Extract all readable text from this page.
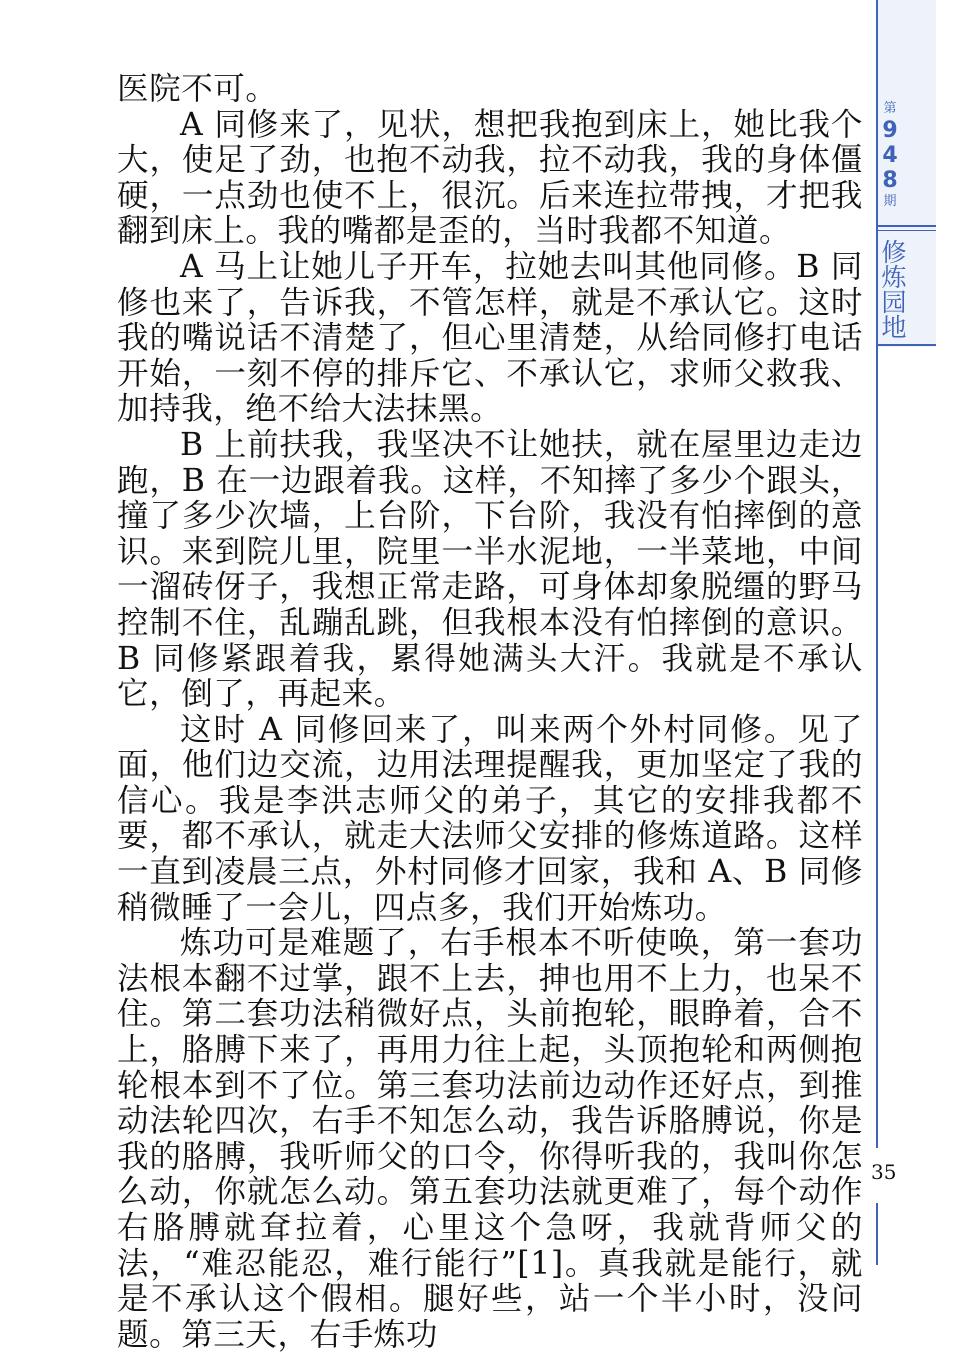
第
9
4
8
期
修
炼
园
地

医院不可。

A 同修来了，见状，想把我抱到床上，她比我个大，使足了劲，也抱不动我，拉不动我，我的身体僵硬，一点劲也使不上，很沉。后来连拉带拽，才把我翻到床上。我的嘴都是歪的，当时我都不知道。

A 马上让她儿子开车，拉她去叫其他同修。B 同修也来了，告诉我，不管怎样，就是不承认它。这时我的嘴说话不清楚了，但心里清楚，从给同修打电话开始，一刻不停的排斥它、不承认它，求师父救我、加持我，绝不给大法抹黑。

B 上前扶我，我坚决不让她扶，就在屋里边走边跑，B 在一边跟着我。这样，不知摔了多少个跟头，撞了多少次墙，上台阶，下台阶，我没有怕摔倒的意识。来到院儿里，院里一半水泥地，一半菜地，中间一溜砖伢子，我想正常走路，可身体却象脱缰的野马控制不住，乱蹦乱跳，但我根本没有怕摔倒的意识。B 同修紧跟着我，累得她满头大汗。我就是不承认它，倒了，再起来。

这时 A 同修回来了，叫来两个外村同修。见了面，他们边交流，边用法理提醒我，更加坚定了我的信心。我是李洪志师父的弟子，其它的安排我都不要，都不承认，就走大法师父安排的修炼道路。这样一直到凌晨三点，外村同修才回家，我和 A、B 同修稍微睡了一会儿，四点多，我们开始炼功。

炼功可是难题了，右手根本不听使唤，第一套功法根本翻不过掌，跟不上去，抻也用不上力，也呆不住。第二套功法稍微好点，头前抱轮，眼睁着，合不上，胳膊下来了，再用力往上起，头顶抱轮和两侧抱轮根本到不了位。第三套功法前边动作还好点，到推动法轮四次，右手不知怎么动，我告诉胳膊说，你是我的胳膊，我听师父的口令，你得听我的，我叫你怎么动，你就怎么动。第五套功法就更难了，每个动作右胳膊就耷拉着，心里这个急呀，我就背师父的法，“难忍能忍，难行能行”[1]。真我就是能行，就是不承认这个假相。腿好些，站一个半小时，没问题。第三天，右手炼功

35
